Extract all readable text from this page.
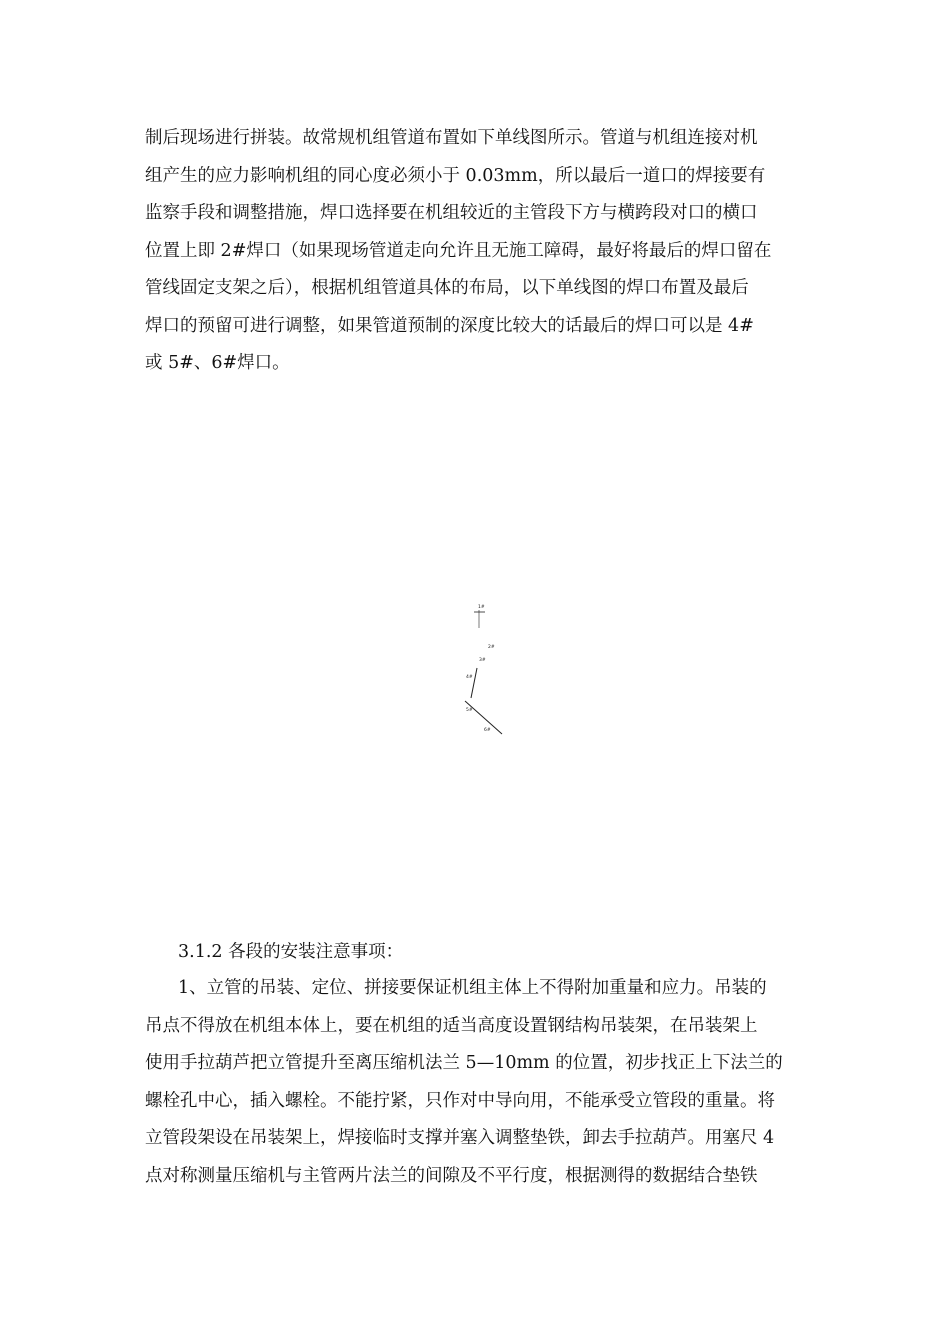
制后现场进行拼装。故常规机组管道布置如下单线图所示。管道与机组连接对机
组产生的应力影响机组的同心度必须小于 0.03mm，所以最后一道口的焊接要有
监察手段和调整措施，焊口选择要在机组较近的主管段下方与横跨段对口的横口
位置上即 2#焊口（如果现场管道走向允许且无施工障碍，最好将最后的焊口留在
管线固定支架之后），根据机组管道具体的布局，以下单线图的焊口布置及最后
焊口的预留可进行调整，如果管道预制的深度比较大的话最后的焊口可以是 4#
或 5#、6#焊口。
1#
2#
3#
4#
5#
6#
3.1.2 各段的安装注意事项：
1、立管的吊装、定位、拼接要保证机组主体上不得附加重量和应力。吊装的
吊点不得放在机组本体上，要在机组的适当高度设置钢结构吊装架，在吊装架上
使用手拉葫芦把立管提升至离压缩机法兰 5—10mm 的位置，初步找正上下法兰的
螺栓孔中心，插入螺栓。不能拧紧，只作对中导向用，不能承受立管段的重量。将
立管段架设在吊装架上，焊接临时支撑并塞入调整垫铁，卸去手拉葫芦。用塞尺 4
点对称测量压缩机与主管两片法兰的间隙及不平行度，根据测得的数据结合垫铁
